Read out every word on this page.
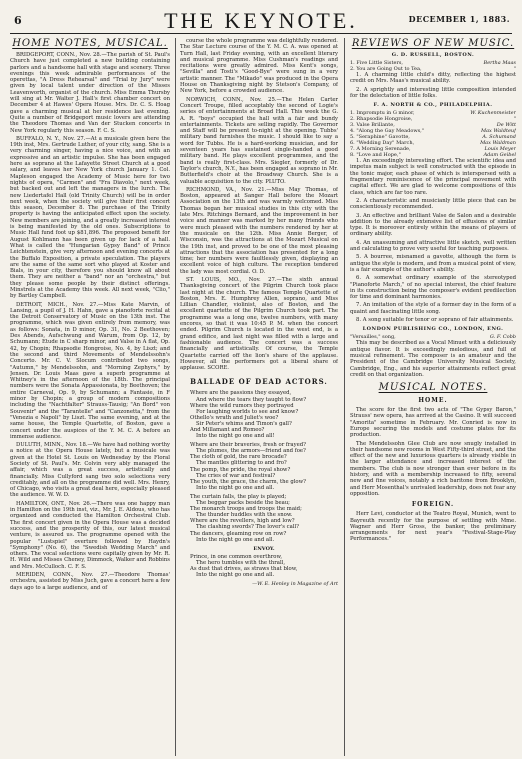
6	THE KEYNOTE.	DECEMBER 1, 1883.
HOME NOTES, MUSICAL.

BRIDGEPORT, CONN., Nov. 28.—The parish of St. Paul's Church have just completed a new building containing parlors and a handsome hall with stage and scenery. Three evenings this week admirable performances of the operettas, "A Dress Rehearsal" and "Trial by Jury" were given by local talent under direction of the Misses Leavenworth, organist of the church. Miss Emma Thursby will sing at Mr. Walter J. Hall's first chamber concert on December 4 at Hawes' Opera House. Mrs. Dr. C. S. Hoag gave a charming musical at her residence last evening. Quite a number of Bridgeport music lovers are attending the Theodore Thomas and Van der Stucken concerts in New York regularly this season. F. C. S.

BUFFALO, N. Y., Nov. 27.—At a musicale given here the 19th inst, Mrs. Gertrude Luther, of your city, sang. She is a very charming singer, having a nice voice, and with an expressive and an artistic impulse. She has been engaged here as soprano at the Lafayette Street Church at a good salary, and leaves her New York church January 1. Col. Mapleson engaged the Academy of Music here for two nights of opera, "Carmen" and "Fra Diavolo," next week, but backed out and left the managers in the lurch. The new Liedertafel Hall (old Trinity Church) will be in order next week, when the society will give their first concert this season, December 8. The purchase of the Trinity property is having the anticipated effect upon the society. New members are joining, and a greatly increased interest is being manifested by the old ones. Subscriptions to Music Hall fund foot up $81,896. The proposed benefit for August Kohlmann has been given up for lack of a hall. What is called the "Hungarian Gypsy Band" of Prince Leichtenstein, give very afternoon and evening concerts at the Buffalo Exposition, a private speculation. The players are the same of the same sort who played at Koster and Bials, in your city, therefore you should know all about them. They are neither a "band" nor an "orchestra," but they please some people by their distinct offerings. Minstrels at the Academy this week. All next week, "Clio," by Bartley Campbell.

DETROIT, MICH., Nov. 27.—Miss Kate Marvin, of Lansing, a pupil of J. H. Hahn, gave a pianoforte recital at the Detroit Conservatory of Music on the 13th inst. The programme, which was given entirely from memory, was as follows: Sonata, in D minor, Op. 31, No. 2 Beethoven; Des Abends, Aufschwung and Warum, from Op. 12, by Schumann; Etude in C sharp minor, and Valse in A flat, Op. 42, by Chopin; Rhapsodie Hongroise, No. 4, by Liszt; and the second and third Movements of Mendelssohn's Concerto. Mr. C. V. Slocum contributed two songs, "Autumn," by Mendelssohn, and "Morning Zephyrs," by Jensen. Dr. Louis Maas gave a superb programme at Whitney's in the afternoon of the 18th. The principal numbers were the Sonata Appassionata, by Beethoven; the entire Carneval, Op. 9, by Schumann; a Fantasie, in F minor by Chopin; a group of modern compositions including the "Nachtfalter" Strauss-Tausig; "An Bord" von Souvenir" and the "Tarantelle" and "Canzonetta," from the "Venezia e Napoli" by Liszt. The same evening, and at the same house, the Temple Quartette, of Boston, gave a concert under the auspices of the Y. M. C. A before an immense audience.

DULUTH, MINN., Nov. 18.—We have had nothing worthy a notice at the Opera House lately, but a musicale was given at the Hotel St. Louis on Wednesday by the Floral Society of St. Paul's. Mr. Colvin very ably managed the affair, which was a great success, artistically and financially. Miss Cullyford sang two solo selections very creditably, and all on the programme did well. Mrs. Henry, of Chicago, who visits a great deal here, especially pleased the audience. W. W. D.

HAMILTON, ONT., Nov. 26.—There was one happy man in Hamilton on the 19th inst, viz., Mr. J. E. Aldous, who has organized and conducted the Hamilton Orchestral Club. The first concert given in the Opera House was a decided success, and the prosperity of this, our latest musical venture, is assured us. The programme opened with the popular "Lustspiel" overture followed by Haydn's "Symphony" (No. 6), the "Swedish Wedding March" and others. The vocal selections were capitally given by Mr. R. H. Wild and Misses Cheney, Dimmock, Walker and Robbins and Mrs. McCulloch. C. F. S.

MERIDEN, CONN., Nov. 27.—Theodore Thomas' orchestra, assisted by Miss Juch, gave a concert here a few days ago to a large audience, and of

course the whole programme was delightfully rendered. The Star Lecture course of the Y. M. C. A. was opened at Turn Hall, last Friday evening, with an excellent literary and musical programme. Miss Cushman's readings and recitations were greatly admired. Miss Kent's songs, "Sevilla" and Tosti's "Good-Bye" were sung in a very artistic manner. The "Mikado" was produced in the Opera House on Thanksgiving night by Stetson's Company, of New York, before a crowded audience.

NORWICH, CONN., Nov. 25.—The Helen Carter Concert Troupe, filled acceptably the second of Logie's series of entertainments at Broad Hall. This week the G. A. R. "boys" occupied the hall with a fair and bundy entertainments. Tickets are selling rapidly. The Governor and Staff will be present to-night at the opening. Tubbs' military band furnishes the music. I should like to say a word for Tubbs. He is a hard-working musician, and for seventeen years has sustained single-handed a good military band. He plays excellent programmes, and the band is really first-class. Mrs. Siegler, formerly of Dr. Taylor's church, N.Y., has been engaged as soprano in Mr. Butterfield's choir at the Broadway Church. She is a valuable acquisition to the city. PLUTO.

RICHMOND, VA., Nov. 21.—Miss May Thomas, of Boston, appeared at Sanger Hall before the Mozart Association on the 13th and was warmly welcomed. Miss Thomas began her musical studies in this city with the late Mrs. Ritchings Bernard, and the improvement in her voice and manner was marked by her many friends who were much pleased with the numbers rendered by her at the musicale on the 12th. Miss Annie Berger, of Wisconsin, was the attractions at the Mozart Musical on the 19th inst, and proved to be one of the most pleasing attractions that the association has presented for a long time; her numbers were faultlessly given, displaying an excellent voice of high culture. The reception tendered the lady was most cordial. O. D.

ST. LOUIS, MO., Nov. 27.—The sixth annual Thanksgiving concert of the Pilgrim Church took place last night at the church. The famous Temple Quartette of Boston, Mrs. E. Humphrey Allen, soprano, and Miss Lillian Chandler, violinist, also of Boston, and the excellent quartette of the Pilgrim Church took part. The programme was a long one, twelve numbers, with many encores, so that it was 10:45 P. M. when the concert ended. Pilgrim Church is located in the west end, is a grand edifice, and last night was filled with a large and fashionable audience. The concert was a success financially and artistically. Of course, the Temple Quartette carried off the lion's share of the applause. However, all the performers got a liberal share of applause. SCORE.

BALLADE OF DEAD ACTORS.
Where are the passions they essayed,
And where the tears they taught to flow?
Where the wild rumors they portrayed
For laughing worlds to see and know?
Othello's wrath and Juliet's woe?
Sir Peter's whims and Timon's gall?
And Millamant and Romeo?
Into the night go one and all!
Where are their braveries, fresh or frayed?
The plumes, the armors—friend and foe?
The cloth of gold, the rare brocade?
The mantles glittering to and fro?
The pomp, the pride, the royal show?
The cries of war and festival?
The youth, the grace, the charm, the glow?
Into the night go one and all.
The curtain falls, the play is played;
The beggar packs beside the beau;
The monarch troops and troops the maid;
The thunder huddles with the snow.
Where are the revellers, high and low?
The clashing swords? The lover's call?
The dancers, gleaming row on row?
Into the night go one and all.
ENVOY.
Prince, in one common overthrow,
The hero tumbles with the thrall,
As dust that drives, as straws that blow,
Into the night go one and all.
—W. E. Henley in Magazine of Art
REVIEWS OF NEW MUSIC.
G. D. RUSSELL, BOSTON.
1. Five Little Sisters,	Bertha Maas
2. You are Going Out to Tea,	"

1. A charming little child's ditty, reflecting the highest credit on Mrs. Maas's musical ability.

2. A sprightly and interesting little composition intended for the delectation of little folks.

F. A. NORTH & CO., PHILADELPHIA.
1. Impromptu in G minor,	W. Kuchenmeister
2. Rhapsodie Hongroise,	"
3. Valse Brillante,	De Witt
4. "Along the Gay Meadows,"	Max Waldteuf
5. "Seraphine" Gavotte,	A. Schumand
6. "Wedding Day" March,	Max Waldman
7. A Morning Serenade,	Louis Meyer
8. "Love and Hope,"	Adam Geibel

1. An exceedingly interesting effort. The scientific idea and impetus main subject is well constructed with the episode in the tonic major, each phase of which is interspersed with a fragmentary reminiscence of the principal movement with capital effect. We are glad to welcome compositions of this class, which are far too rare.

2. A characteristic and musicianly little piece that can be conscientiously recommended.

3. An effective and brilliant Valse de Salon and a desirable addition to the already extensive list of effusions of similar type. It is moreover entirely within the means of players of ordinary ability.

4. An unassuming and attractive little sketch, well written and calculating to prove very useful for teaching purposes.

5. A bourree, misnamed a gavotte, although the form is antique the style is modern, and from a musical point of view, is a fair example of the author's ability.

6. A somewhat ordinary example of the stereotyped "Pianoforte March," of no special interest, the chief feature in its construction being the composer's evident predilection for time and dominant harmonies.

7. An imitation of the style of a former day in the form of a quaint and fascinating little song.

8. A song suitable for tenor or soprano of fair attainments.

LONDON PUBLISHING CO., LONDON, ENG.
"Versailles," song,	G. F. Cobb

This may be described as a Vocal Minuet with a deliciously antique flavor. It is exceedingly melodious, and full of musical refinement. The composer is an amateur and the President of the Cambridge University Musical Society, Cambridge, Eng., and his superior attainments reflect great credit on that organization.

MUSICAL NOTES.
HOME.

The score for the first two acts of "The Gypsy Baron," Strauss' new opera, has arrived at the Casino. It will succeed "Amorita" sometime in February. Mr. Conried is now in Europe securing the models and costume plates for its production.

The Mendelssohn Glee Club are now snugly installed in their handsome new rooms in West Fifty-third street, and the effect of the new and luxurious quarters is already visible in the larger attendance and increased interest of the members. The club is now stronger than ever before in its history, and with a membership increased to fifty, several new and fine voices, notably a rich baritone from Brooklyn, and Herr Mosenthal's unrivaled leadership, does not fear any opposition.

FOREIGN.

Herr Levi, conductor at the Teatro Royal, Munich, went to Bayreuth recently for the purpose of settling with Mme. Wagner and Herr Gross, the banker, the preliminary arrangements for next year's "Festival-Stage-Play Performances."
